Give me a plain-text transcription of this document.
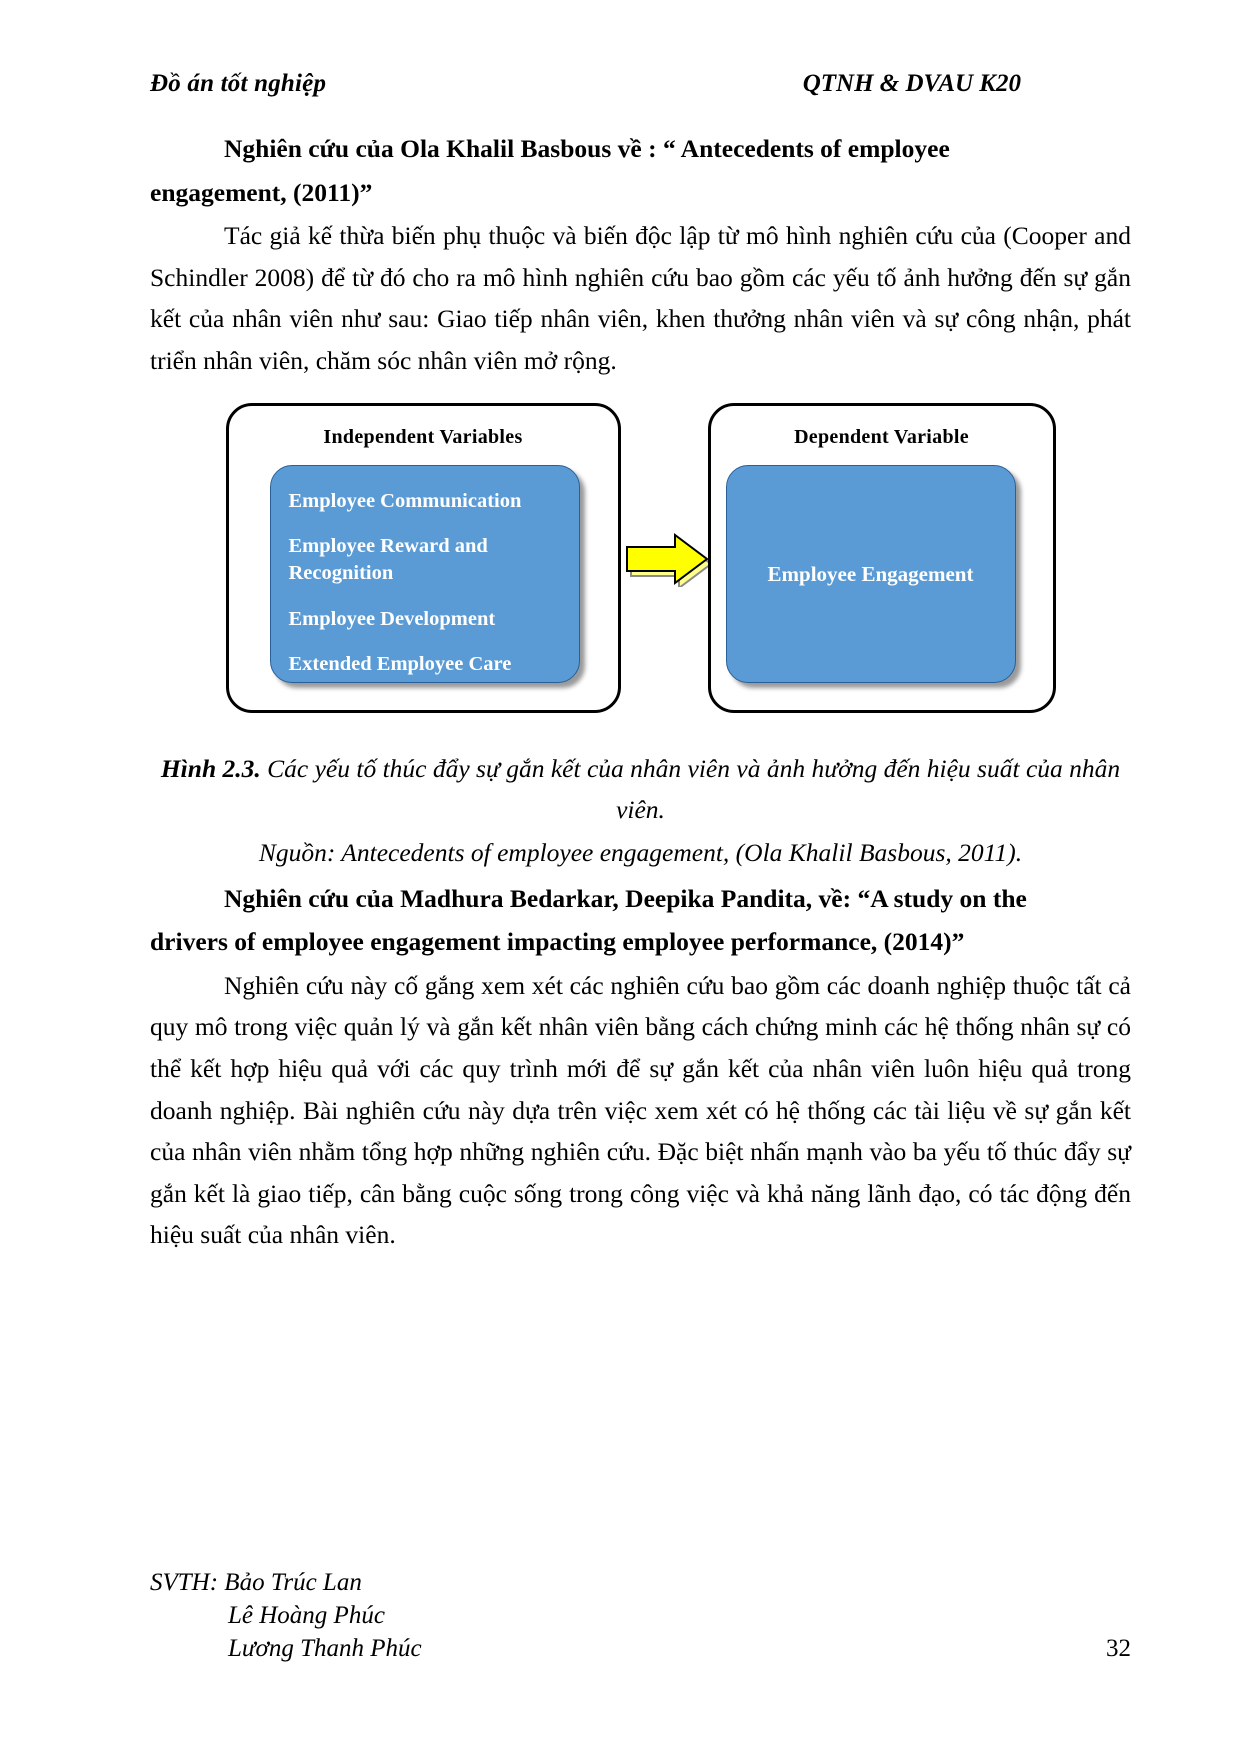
Đồ án tốt nghiệp	QTNH & DVAU K20
Nghiên cứu của Ola Khalil Basbous về : “ Antecedents of employee
engagement, (2011)”

Tác giả kế thừa biến phụ thuộc và biến độc lập từ mô hình nghiên cứu của (Cooper and Schindler 2008) để từ đó cho ra mô hình nghiên cứu bao gồm các yếu tố ảnh hưởng đến sự gắn kết của nhân viên như sau: Giao tiếp nhân viên, khen thưởng nhân viên và sự công nhận, phát triển nhân viên, chăm sóc nhân viên mở rộng.

Independent Variables
Employee Communication
Employee Reward and Recognition
Employee Development
Extended Employee Care
Dependent Variable
Employee Engagement
Hình 2.3. Các yếu tố thúc đẩy sự gắn kết của nhân viên và ảnh hưởng đến hiệu suất của nhân viên.
Nguồn: Antecedents of employee engagement, (Ola Khalil Basbous, 2011).
Nghiên cứu của Madhura Bedarkar, Deepika Pandita, về: “A study on the
drivers of employee engagement impacting employee performance, (2014)”

Nghiên cứu này cố gắng xem xét các nghiên cứu bao gồm các doanh nghiệp thuộc tất cả quy mô trong việc quản lý và gắn kết nhân viên bằng cách chứng minh các hệ thống nhân sự có thể kết hợp hiệu quả với các quy trình mới để sự gắn kết của nhân viên luôn hiệu quả trong doanh nghiệp. Bài nghiên cứu này dựa trên việc xem xét có hệ thống các tài liệu về sự gắn kết của nhân viên nhằm tổng hợp những nghiên cứu. Đặc biệt nhấn mạnh vào ba yếu tố thúc đẩy sự gắn kết là giao tiếp, cân bằng cuộc sống trong công việc và khả năng lãnh đạo, có tác động đến hiệu suất của nhân viên.

SVTH: Bảo Trúc Lan
Lê Hoàng Phúc
Lương Thanh Phúc	32
